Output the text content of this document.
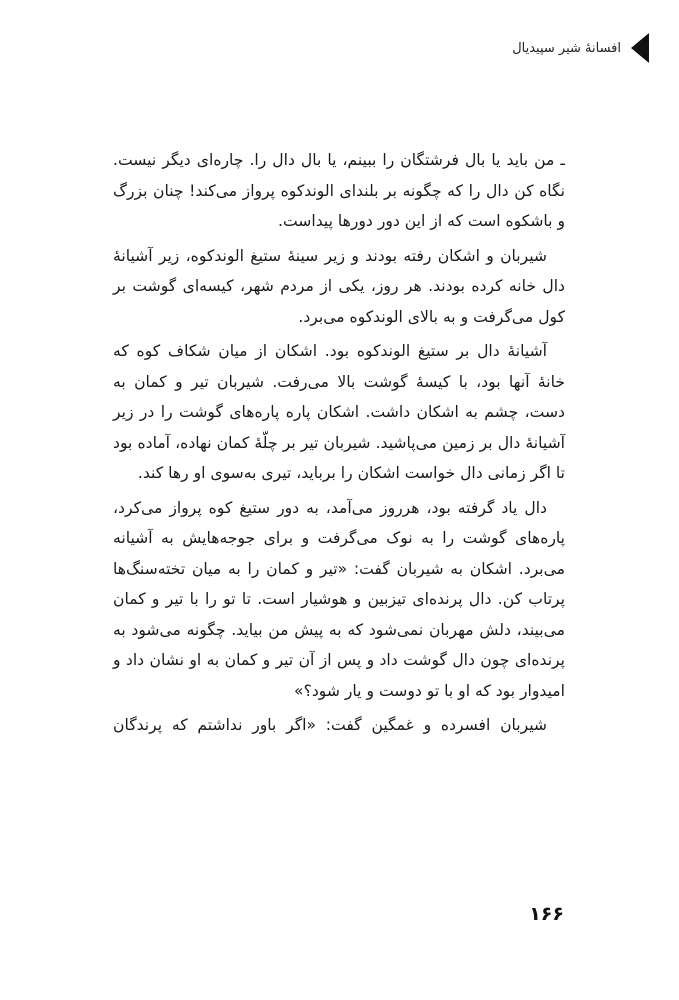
افسانهٔ شیر سپیدیال

ـ من باید یا بال فرشتگان را ببینم، یا بال دال را. چاره‌ای دیگر نیست. نگاه کن دال را که چگونه بر بلندای الوندکوه پرواز می‌کند! چنان بزرگ و باشکوه است که از این دور دورها پیداست.

شیربان و اشکان رفته بودند و زیر سینهٔ ستیغ الوندکوه، زیر آشیانهٔ دال خانه کرده بودند. هر روز، یکی از مردم شهر، کیسه‌ای گوشت بر کول می‌گرفت و به بالای الوندکوه می‌برد.

آشیانهٔ دال بر ستیغ الوندکوه بود. اشکان از میان شکاف کوه که خانهٔ آنها بود، با کیسهٔ گوشت بالا می‌رفت. شیربان تیر و کمان به دست، چشم به اشکان داشت. اشکان پاره پاره‌های گوشت را در زیر آشیانهٔ دال بر زمین می‌پاشید. شیربان تیر بر چلّهٔ کمان نهاده، آماده بود تا اگر زمانی دال خواست اشکان را برباید، تیری به‌سوی او رها کند.

دال یاد گرفته بود، هرروز می‌آمد، به دور ستیغ کوه پرواز می‌کرد، پاره‌های گوشت را به نوک می‌گرفت و برای جوجه‌هایش به آشیانه می‌برد. اشکان به شیربان گفت: «تیر و کمان را به میان تخته‌سنگ‌ها پرتاب کن. دال پرنده‌ای تیزبین و هوشیار است. تا تو را با تیر و کمان می‌بیند، دلش مهربان نمی‌شود که به پیش من بیاید. چگونه می‌شود به پرنده‌ای چون دال گوشت داد و پس از آن تیر و کمان به او نشان داد و امیدوار بود که او با تو دوست و یار شود؟»

شیربان افسرده و غمگین گفت: «اگر باور نداشتم که پرندگان

۱۶۶
